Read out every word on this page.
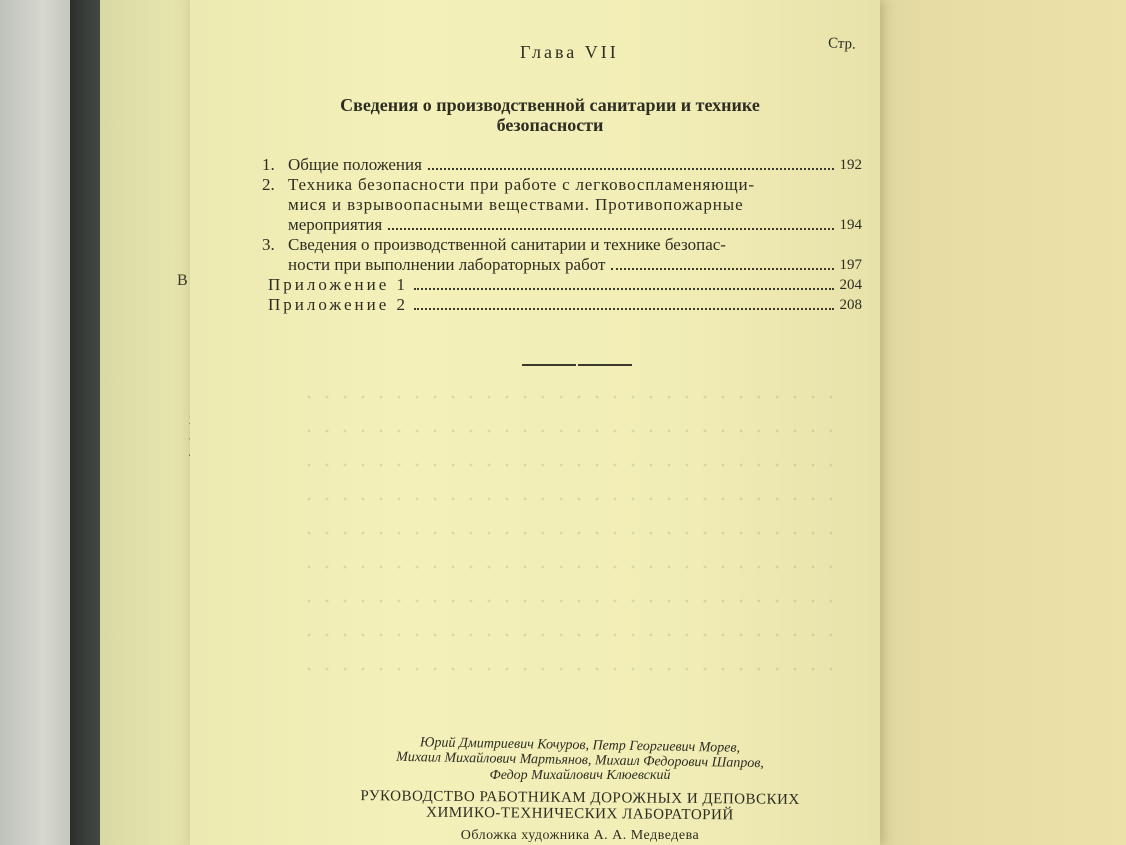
В
Глава VII	Стр.
Сведения о производственной санитарии и технике
безопасности
1. Общие положения	192
2. Техника безопасности при работе с легковоспламеняющи-
мися и взрывоопасными веществами. Противопожарные
мероприятия	194
3. Сведения о производственной санитарии и технике безопас-
ности при выполнении лабораторных работ	197
Приложение 1	204
Приложение 2	208
Юрий Дмитриевич Кочуров, Петр Георгиевич Морев,
Михаил Михайлович Мартьянов, Михаил Федорович Шапров,
Федор Михайлович Клюевский
РУКОВОДСТВО РАБОТНИКАМ ДОРОЖНЫХ И ДЕПОВСКИХ
ХИМИКО-ТЕХНИЧЕСКИХ ЛАБОРАТОРИЙ
Обложка художника А. А. Медведева
